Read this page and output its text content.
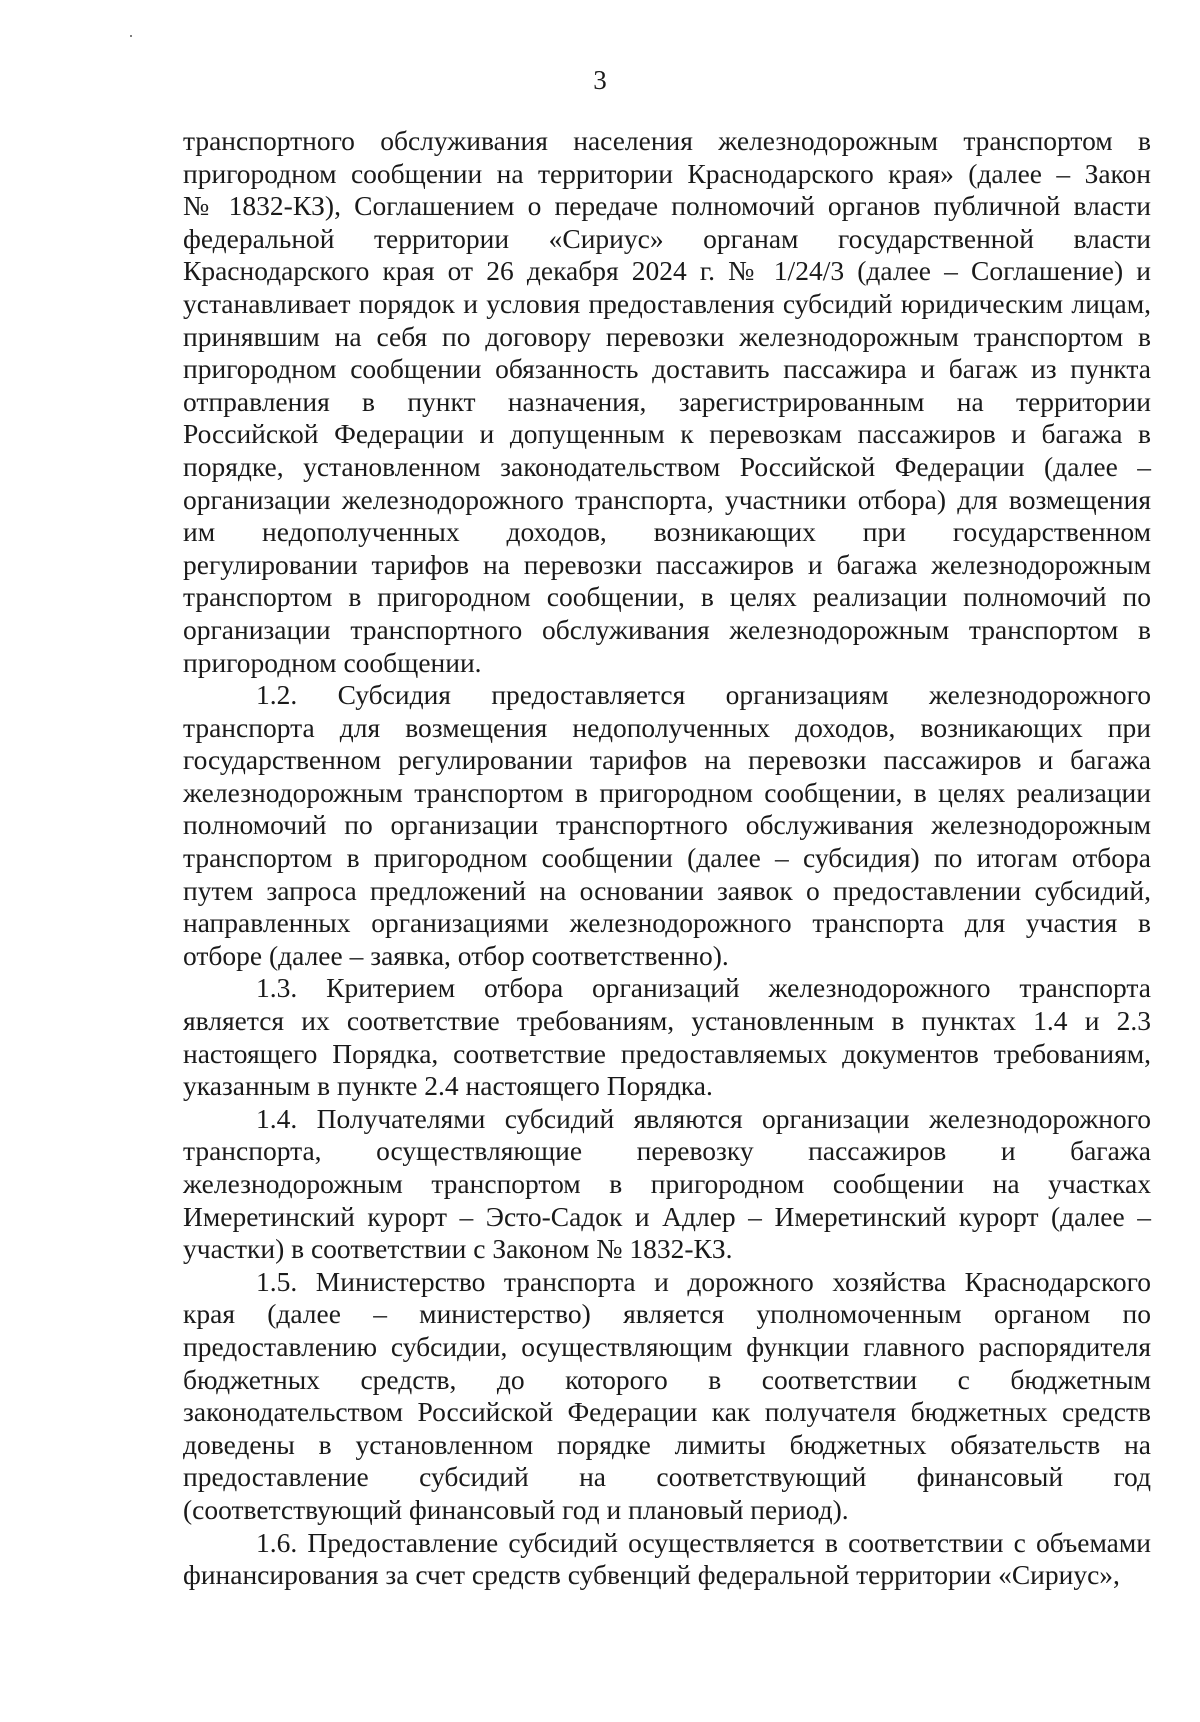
3
транспортного обслуживания населения железнодорожным транспортом в
пригородном сообщении на территории Краснодарского края» (далее – Закон
№ 1832-КЗ), Соглашением о передаче полномочий органов публичной власти
федеральной территории «Сириус» органам государственной власти
Краснодарского края от 26 декабря 2024 г. № 1/24/3 (далее – Соглашение) и
устанавливает порядок и условия предоставления субсидий юридическим лицам,
принявшим на себя по договору перевозки железнодорожным транспортом в
пригородном сообщении обязанность доставить пассажира и багаж из пункта
отправления в пункт назначения, зарегистрированным на территории
Российской Федерации и допущенным к перевозкам пассажиров и багажа в
порядке, установленном законодательством Российской Федерации (далее –
организации железнодорожного транспорта, участники отбора) для возмещения
им недополученных доходов, возникающих при государственном
регулировании тарифов на перевозки пассажиров и багажа железнодорожным
транспортом в пригородном сообщении, в целях реализации полномочий по
организации транспортного обслуживания железнодорожным транспортом в
пригородном сообщении.
1.2. Субсидия предоставляется организациям железнодорожного
транспорта для возмещения недополученных доходов, возникающих при
государственном регулировании тарифов на перевозки пассажиров и багажа
железнодорожным транспортом в пригородном сообщении, в целях реализации
полномочий по организации транспортного обслуживания железнодорожным
транспортом в пригородном сообщении (далее – субсидия) по итогам отбора
путем запроса предложений на основании заявок о предоставлении субсидий,
направленных организациями железнодорожного транспорта для участия в
отборе (далее – заявка, отбор соответственно).
1.3. Критерием отбора организаций железнодорожного транспорта
является их соответствие требованиям, установленным в пунктах 1.4 и 2.3
настоящего Порядка, соответствие предоставляемых документов требованиям,
указанным в пункте 2.4 настоящего Порядка.
1.4. Получателями субсидий являются организации железнодорожного
транспорта, осуществляющие перевозку пассажиров и багажа
железнодорожным транспортом в пригородном сообщении на участках
Имеретинский курорт – Эсто-Садок и Адлер – Имеретинский курорт (далее –
участки) в соответствии с Законом № 1832-КЗ.
1.5. Министерство транспорта и дорожного хозяйства Краснодарского
края (далее – министерство) является уполномоченным органом по
предоставлению субсидии, осуществляющим функции главного распорядителя
бюджетных средств, до которого в соответствии с бюджетным
законодательством Российской Федерации как получателя бюджетных средств
доведены в установленном порядке лимиты бюджетных обязательств на
предоставление субсидий на соответствующий финансовый год
(соответствующий финансовый год и плановый период).
1.6. Предоставление субсидий осуществляется в соответствии с объемами
финансирования за счет средств субвенций федеральной территории «Сириус»,
